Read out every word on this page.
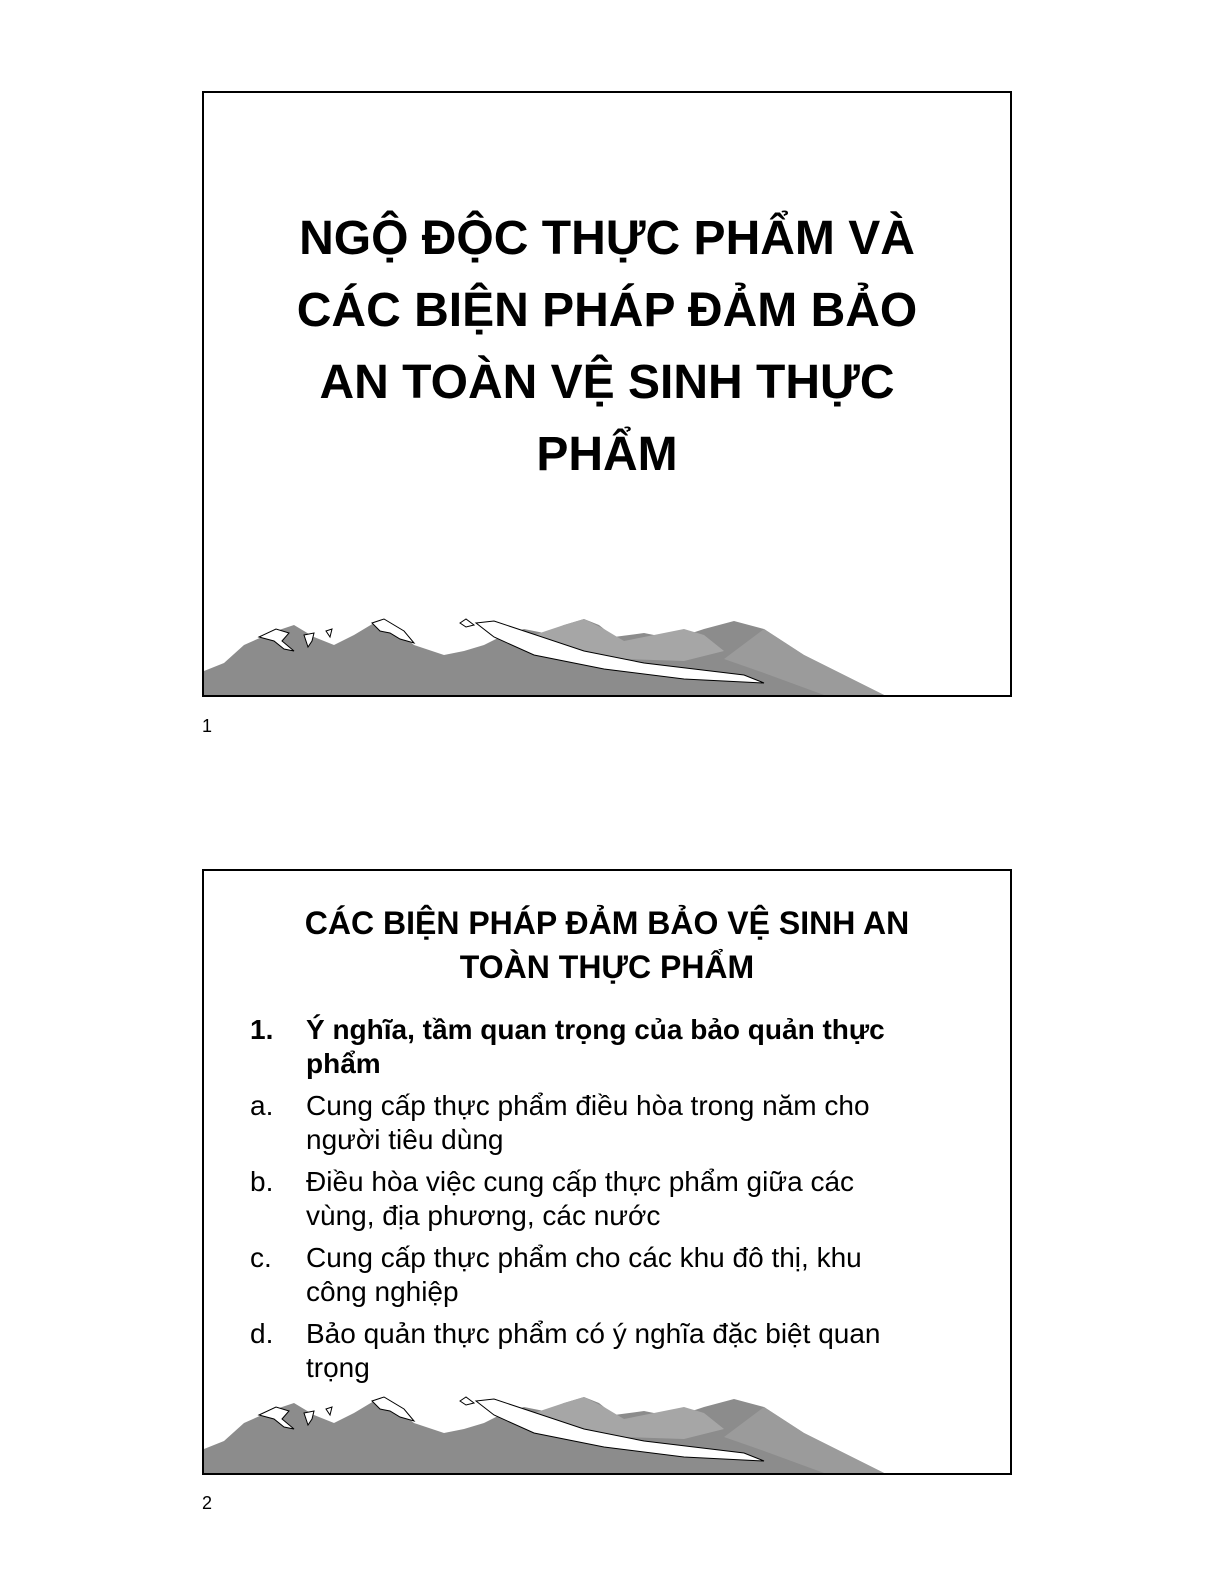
NGỘ ĐỘC THỰC PHẨM VÀ
CÁC BIỆN PHÁP ĐẢM BẢO
AN TOÀN VỆ SINH THỰC
PHẨM
1
CÁC BIỆN PHÁP ĐẢM BẢO VỆ SINH AN
TOÀN THỰC PHẨM
1. Ý nghĩa, tầm quan trọng của bảo quản thực
phẩm
a. Cung cấp thực phẩm điều hòa trong năm cho
người tiêu dùng
b. Điều hòa việc cung cấp thực phẩm giữa các
vùng, địa phương, các nước
c. Cung cấp thực phẩm cho các khu đô thị, khu
công nghiệp
d. Bảo quản thực phẩm có ý nghĩa đặc biệt quan
trọng
2
